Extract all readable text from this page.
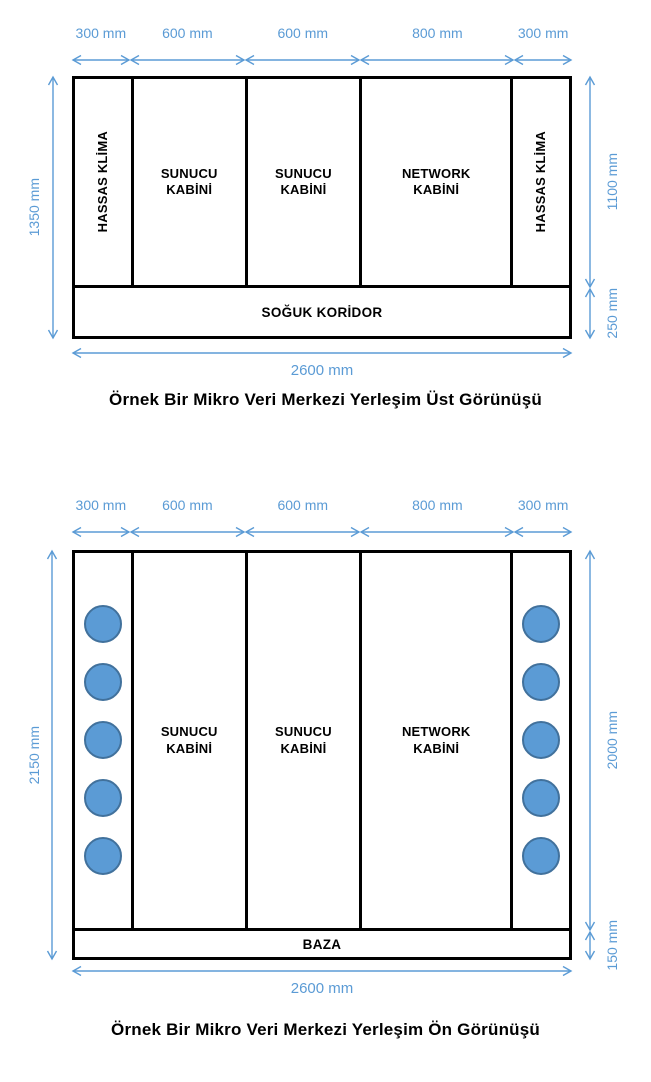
300 mm	600 mm	600 mm	800 mm	300 mm
1350 mm	HASSAS KLİMA	SUNUCU KABİNİ
SUNUCU KABİNİ
NETWORK KABİNİ	HASSAS KLİMA
SOĞUK KORİDOR
1100 mm
250 mm
2600 mm
Örnek Bir Mikro Veri Merkezi Yerleşim Üst Görünüşü
300 mm	600 mm	600 mm	800 mm	300 mm
2150 mm	SUNUCU KABİNİ
SUNUCU KABİNİ
NETWORK KABİNİ
BAZA
2000 mm
150 mm
2600 mm
Örnek Bir Mikro Veri Merkezi Yerleşim Ön Görünüşü
